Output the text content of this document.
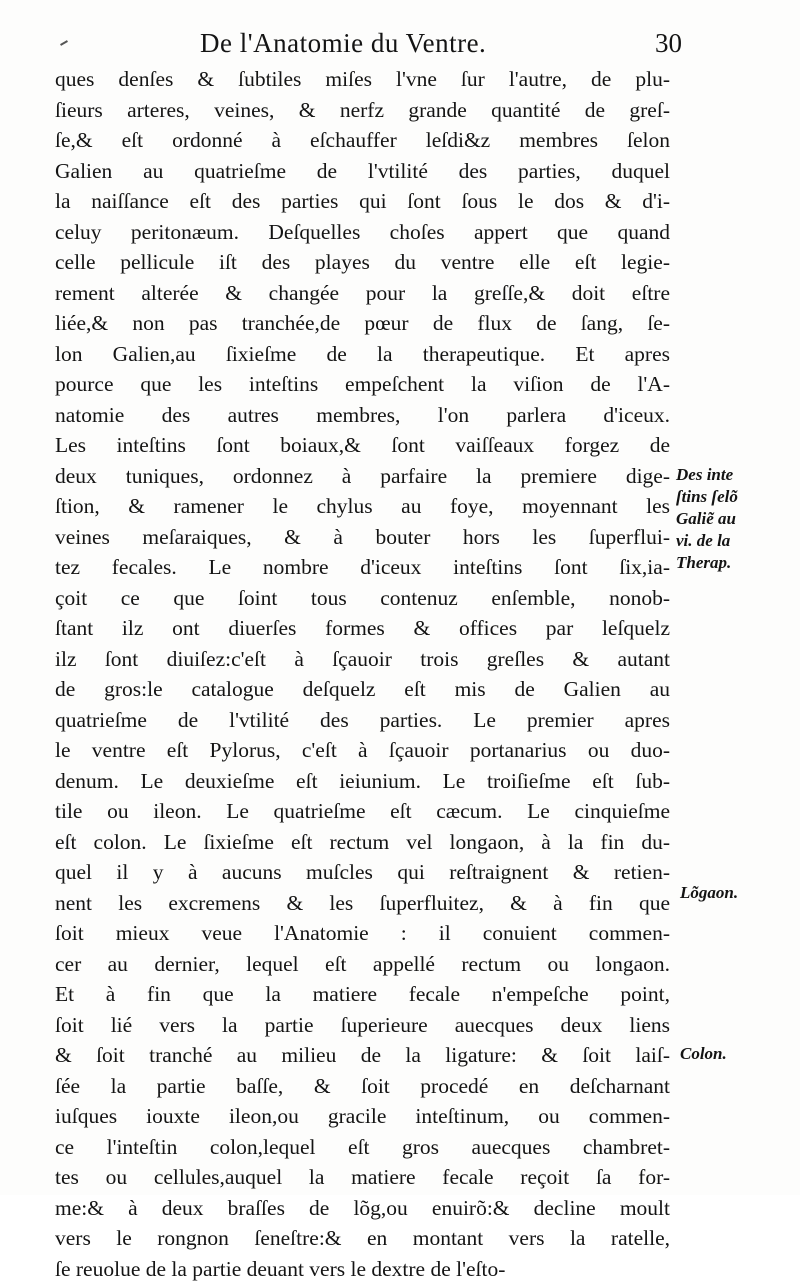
De l'Anatomie du Ventre.	30
ques denſes & ſubtiles miſes l'vne ſur l'autre, de plu-
ſieurs arteres, veines, & nerfz grande quantité de greſ-
ſe,& eſt ordonné à eſchauffer leſdi&z membres ſelon
Galien au quatrieſme de l'vtilité des parties, duquel
la naiſſance eſt des parties qui ſont ſous le dos & d'i-
celuy peritonæum. Deſquelles choſes appert que quand
celle pellicule iſt des playes du ventre elle eſt legie-
rement alterée & changée pour la greſſe,& doit eſtre
liée,& non pas tranchée,de pœur de flux de ſang, ſe-
lon Galien,au ſixieſme de la therapeutique. Et apres
pource que les inteſtins empeſchent la viſion de l'A-
natomie des autres membres, l'on parlera d'iceux.
Les inteſtins ſont boiaux,& ſont vaiſſeaux forgez de
deux tuniques, ordonnez à parfaire la premiere dige-
ſtion, & ramener le chylus au foye, moyennant les
veines meſaraiques, & à bouter hors les ſuperflui-
tez fecales. Le nombre d'iceux inteſtins ſont ſix,ia-
çoit ce que ſoint tous contenuz enſemble, nonob-
ſtant ilz ont diuerſes formes & offices par leſquelz
ilz ſont diuiſez:c'eſt à ſçauoir trois greſles & autant
de gros:le catalogue deſquelz eſt mis de Galien au
quatrieſme de l'vtilité des parties. Le premier apres
le ventre eſt Pylorus, c'eſt à ſçauoir portanarius ou duo-
denum. Le deuxieſme eſt ieiunium. Le troiſieſme eſt ſub-
tile ou ileon. Le quatrieſme eſt cæcum. Le cinquieſme
eſt colon. Le ſixieſme eſt rectum vel longaon, à la fin du-
quel il y à aucuns muſcles qui reſtraignent & retien-
nent les excremens & les ſuperfluitez, & à fin que
ſoit mieux veue l'Anatomie : il conuient commen-
cer au dernier, lequel eſt appellé rectum ou longaon.
Et à fin que la matiere fecale n'empeſche point,
ſoit lié vers la partie ſuperieure auecques deux liens
& ſoit tranché au milieu de la ligature: & ſoit laiſ-
ſée la partie baſſe, & ſoit procedé en deſcharnant
iuſques iouxte ileon,ou gracile inteſtinum, ou commen-
ce l'inteſtin colon,lequel eſt gros auecques chambret-
tes ou cellules,auquel la matiere fecale reçoit ſa for-
me:& à deux braſſes de lõg,ou enuirõ:& decline moult
vers le rongnon ſeneſtre:& en montant vers la ratelle,
ſe reuolue de la partie deuant vers le dextre de l'eſto-
Des inte
ſtins ſelõ
Galiẽ au
vi. de la
Therap.
Lõgaon.
Colon.
